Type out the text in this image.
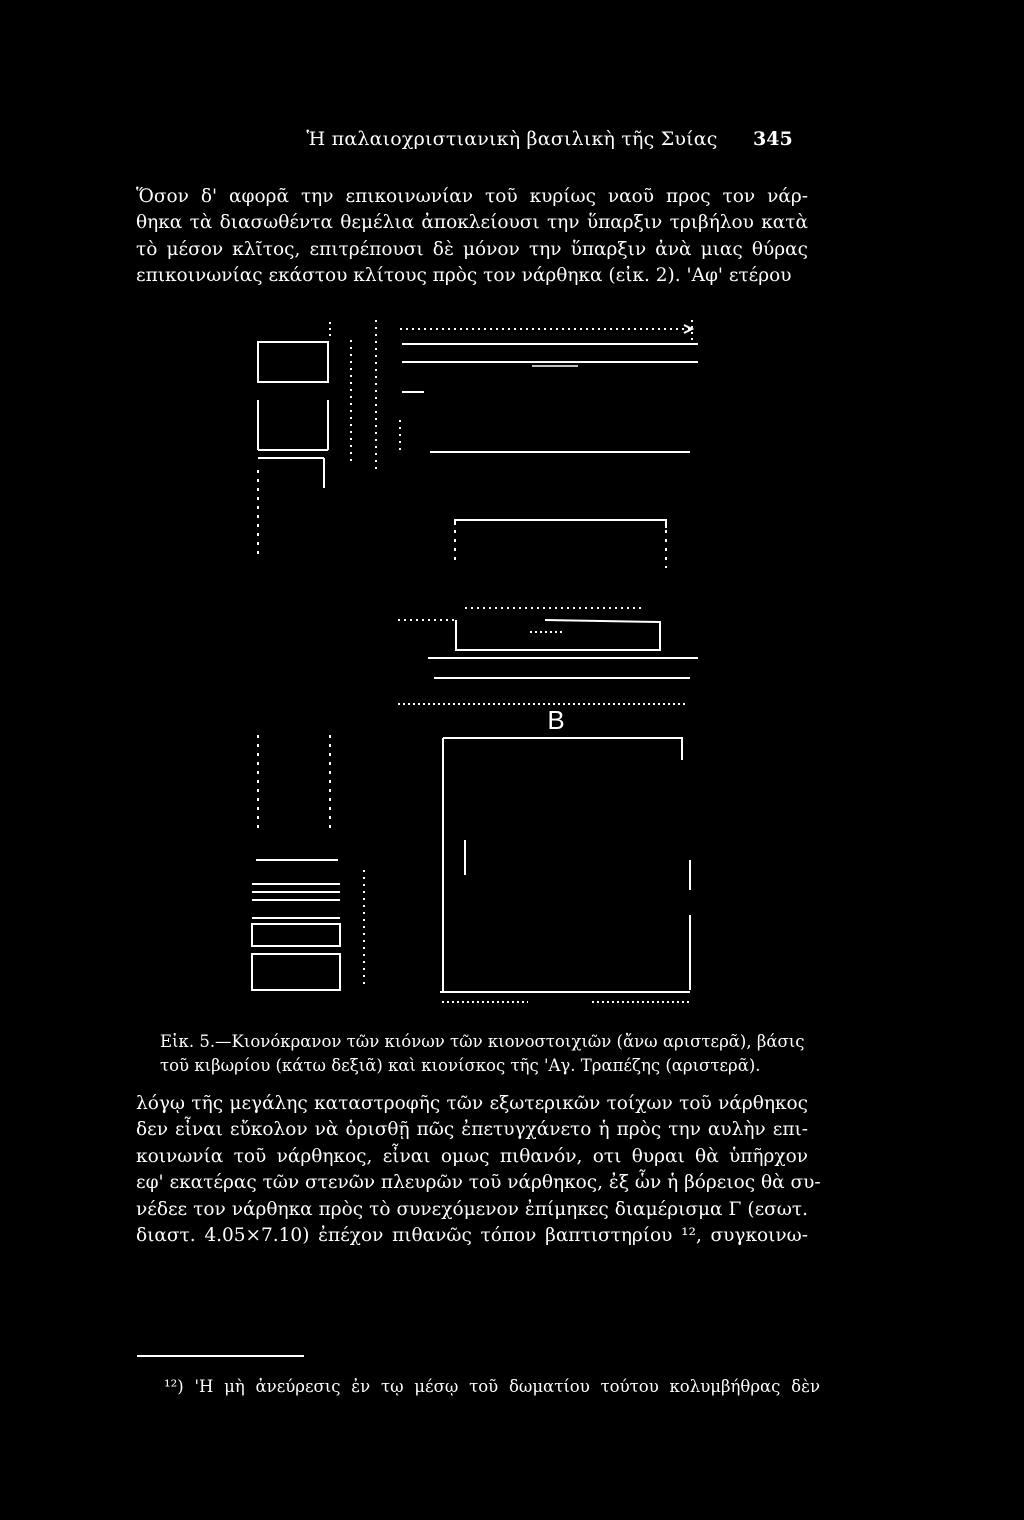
Ἡ παλαιοχριστιανικὴ βασιλικὴ τῆς Συίας	345
Ὅσον δ' αφορᾶ την επικοινωνίαν τοῦ κυρίως ναοῦ προς τον νάρ-
θηκα τὰ διασωθέντα θεμέλια ἀποκλείουσι την ὕπαρξιν τριβήλου κατὰ
τὸ μέσον κλῖτος, επιτρέπουσι δὲ μόνον την ὕπαρξιν ἀνὰ μιας θύρας
επικοινωνίας εκάστου κλίτους πρὸς τον νάρθηκα (εἰκ. 2). 'Αφ' ετέρου
B
Εἰκ. 5.—Κιονόκρανον τῶν κιόνων τῶν κιονοστοιχιῶν (ἄνω αριστερᾶ), βάσις
τοῦ κιβωρίου (κάτω δεξιᾶ) καὶ κιονίσκος τῆς 'Αγ. Τραπέζης (αριστερᾶ).
λόγῳ τῆς μεγάλης καταστροφῆς τῶν εξωτερικῶν τοίχων τοῦ νάρθηκος
δεν εἶναι εὔκολον νὰ ὁρισθῇ πῶς ἐπετυγχάνετο ἡ πρὸς την αυλὴν επι-
κοινωνία τοῦ νάρθηκος, εἶναι ομως πιθανόν, οτι θυραι θὰ ὑπῆρχον
εφ' εκατέρας τῶν στενῶν πλευρῶν τοῦ νάρθηκος, ἐξ ὧν ἡ βόρειος θὰ συ-
νέδεε τον νάρθηκα πρὸς τὸ συνεχόμενον ἐπίμηκες διαμέρισμα Γ (εσωτ.
διαστ. 4.05×7.10) ἐπέχον πιθανῶς τόπον βαπτιστηρίου ¹², συγκοινω-
¹²) 'Η μὴ ἀνεύρεσις ἐν τῳ μέσῳ τοῦ δωματίου τούτου κολυμβήθρας δὲν
